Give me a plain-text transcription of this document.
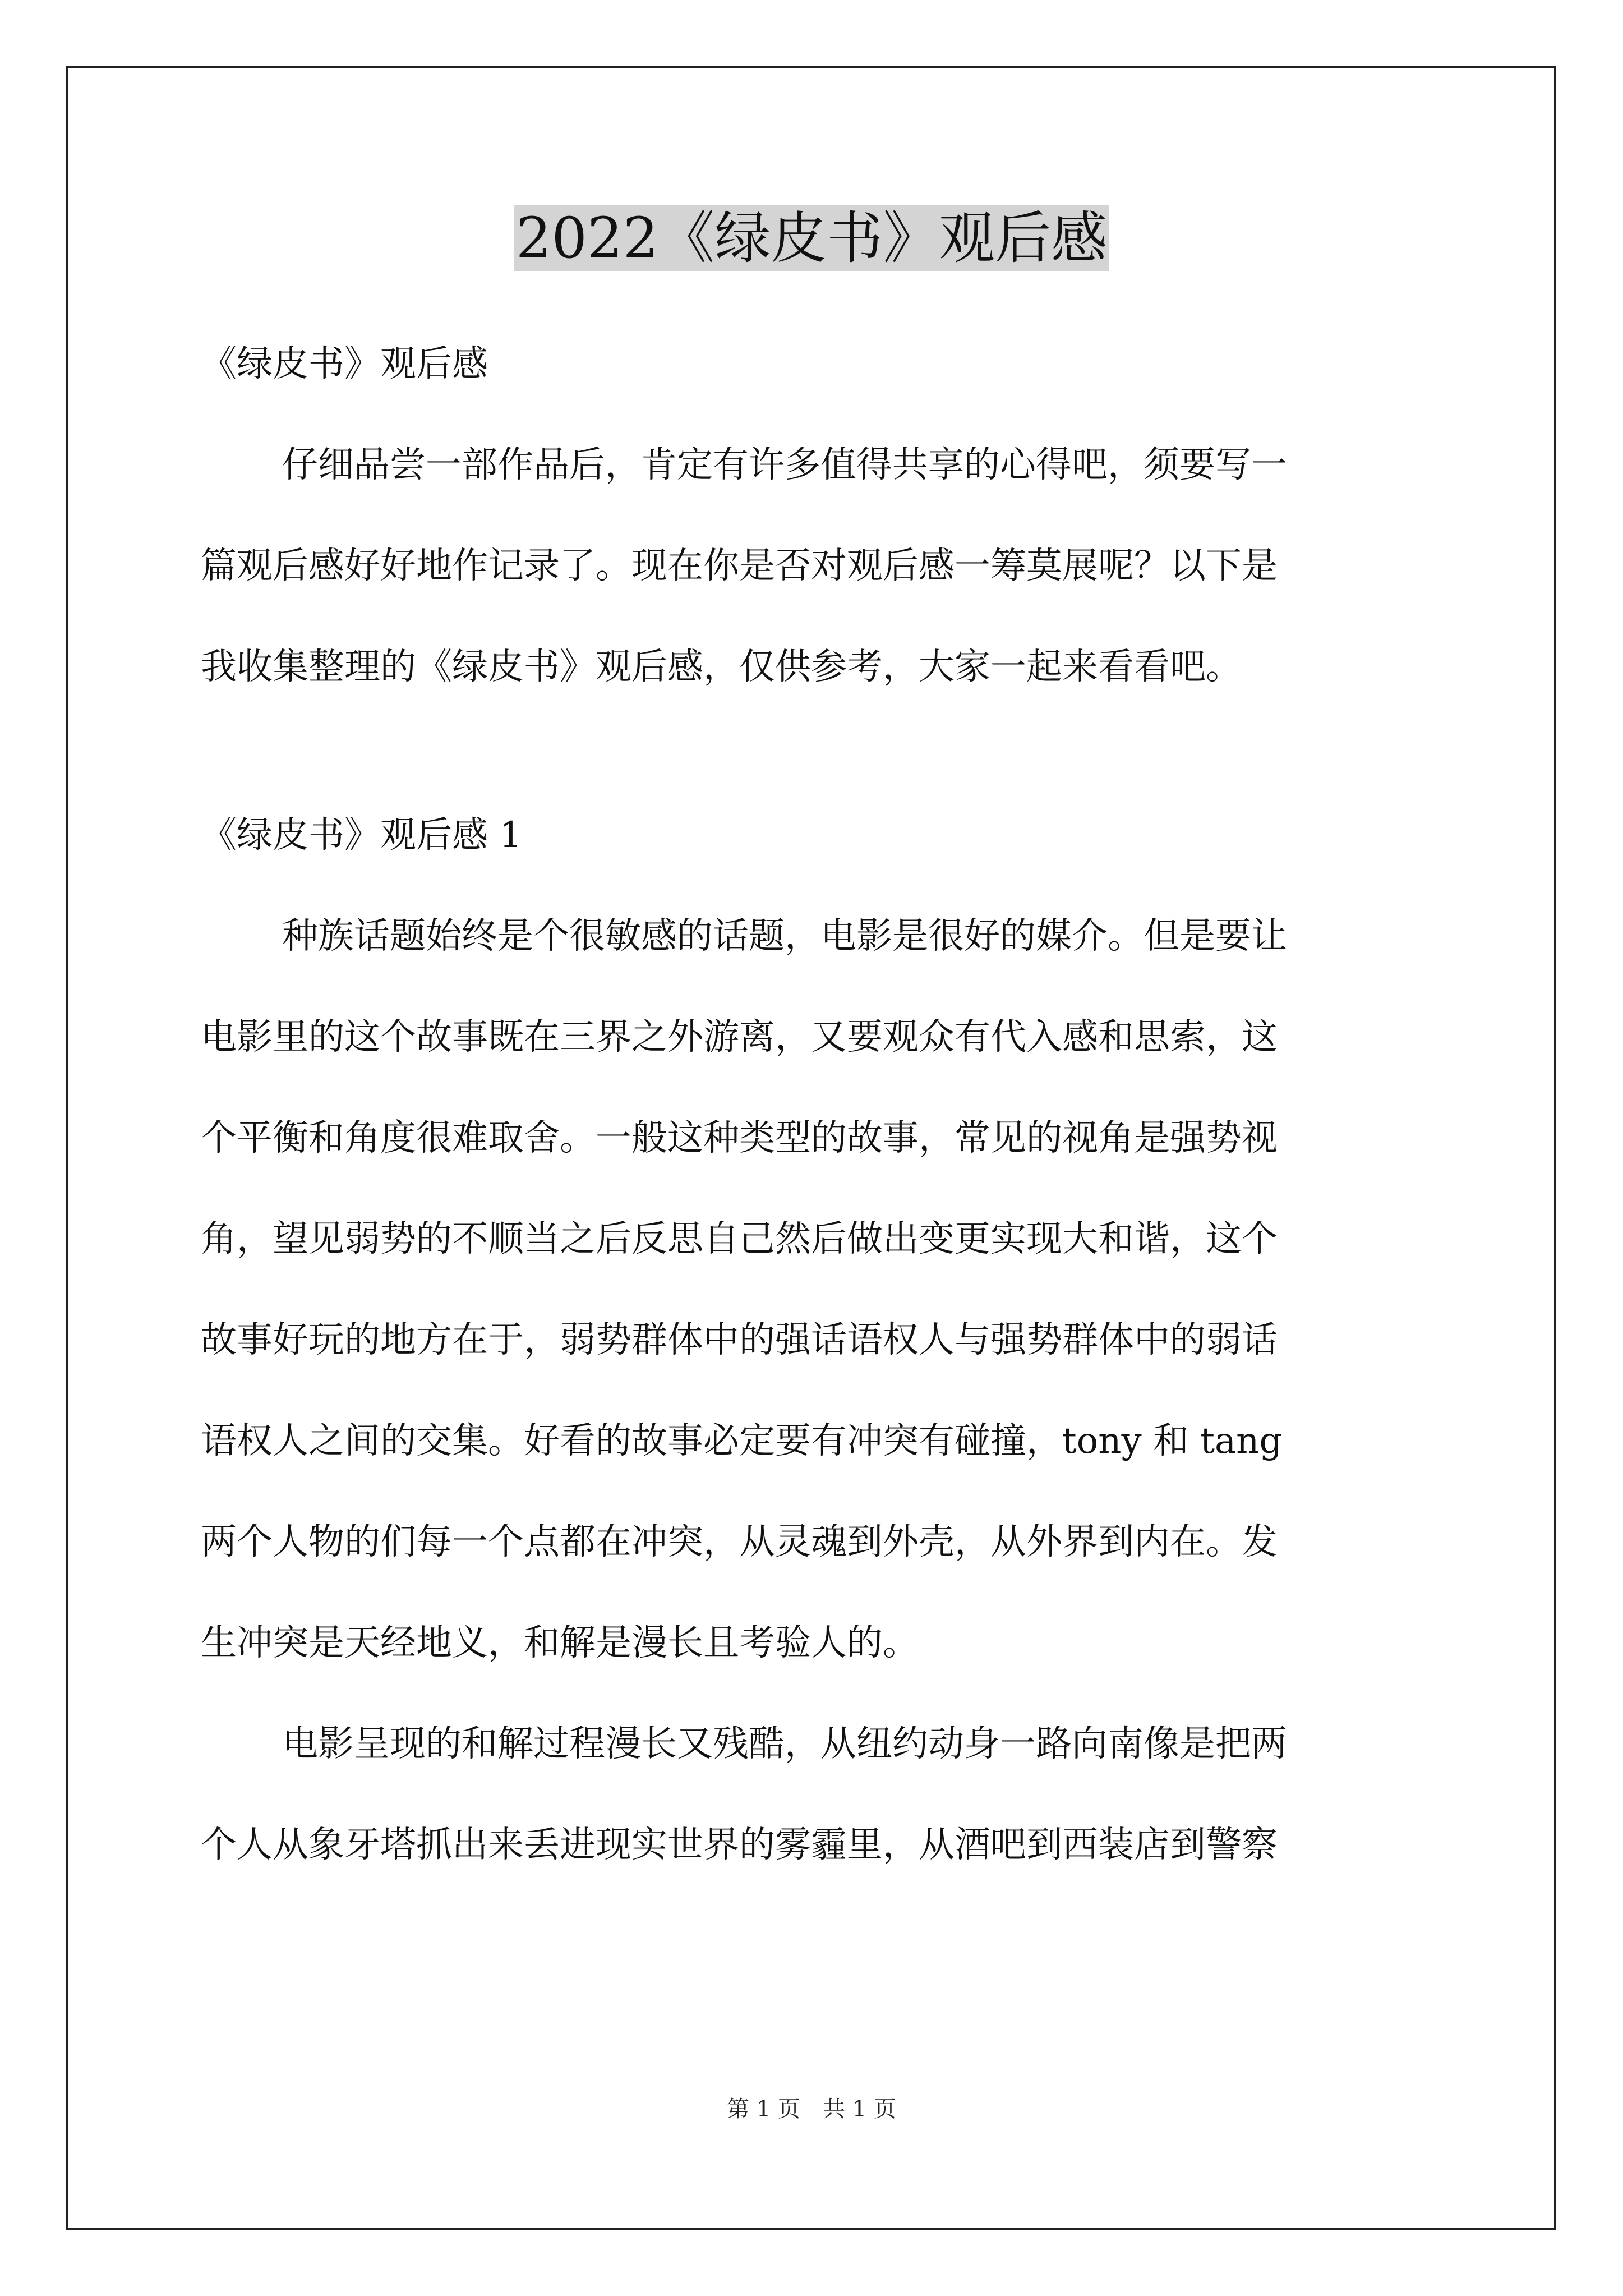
2022《绿皮书》观后感
《绿皮书》观后感
仔细品尝一部作品后，肯定有许多值得共享的心得吧，须要写一
篇观后感好好地作记录了。现在你是否对观后感一筹莫展呢？以下是
我收集整理的《绿皮书》观后感，仅供参考，大家一起来看看吧。
《绿皮书》观后感 1
种族话题始终是个很敏感的话题，电影是很好的媒介。但是要让
电影里的这个故事既在三界之外游离，又要观众有代入感和思索，这
个平衡和角度很难取舍。一般这种类型的故事，常见的视角是强势视
角，望见弱势的不顺当之后反思自己然后做出变更实现大和谐，这个
故事好玩的地方在于，弱势群体中的强话语权人与强势群体中的弱话
语权人之间的交集。好看的故事必定要有冲突有碰撞，tony 和 tang
两个人物的们每一个点都在冲突，从灵魂到外壳，从外界到内在。发
生冲突是天经地义，和解是漫长且考验人的。
电影呈现的和解过程漫长又残酷，从纽约动身一路向南像是把两
个人从象牙塔抓出来丢进现实世界的雾霾里，从酒吧到西装店到警察
第 1 页　共 1 页
